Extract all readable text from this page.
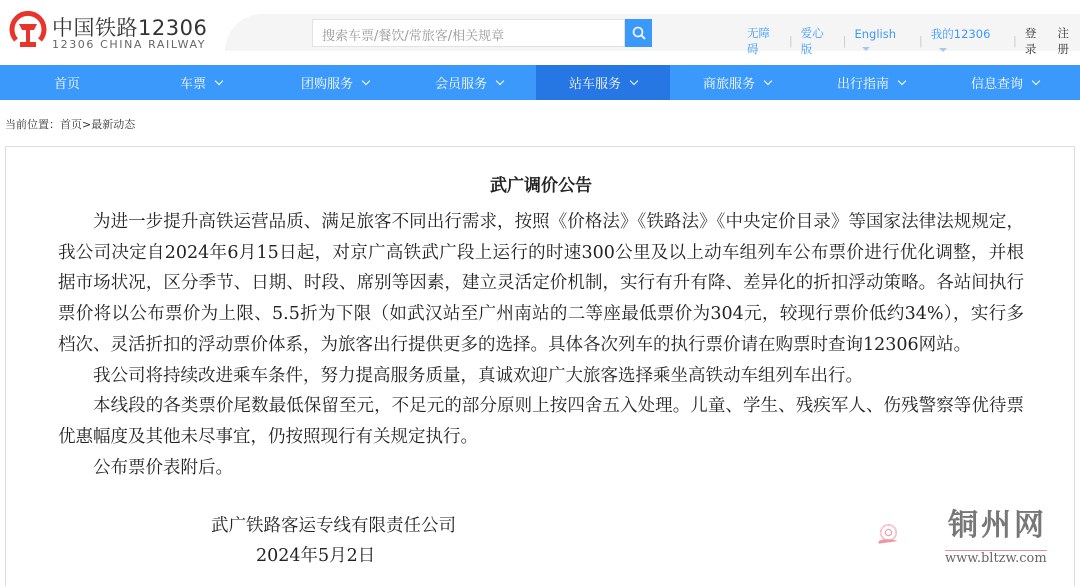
中国铁路12306
12306 CHINA RAILWAY
搜索车票/餐饮/常旅客/相关规章	无障碍
|
爱心版
| English	| 我的12306	|
登录
注册
首页	车票	团购服务	会员服务	站车服务	商旅服务	出行指南	信息查询
当前位置：首页>最新动态
武广调价公告

为进一步提升高铁运营品质、满足旅客不同出行需求，按照《价格法》《铁路法》《中央定价目录》等国家法律法规规定，我公司决定自2024年6月15日起，对京广高铁武广段上运行的时速300公里及以上动车组列车公布票价进行优化调整，并根据市场状况，区分季节、日期、时段、席别等因素，建立灵活定价机制，实行有升有降、差异化的折扣浮动策略。各站间执行票价将以公布票价为上限、5.5折为下限（如武汉站至广州南站的二等座最低票价为304元，较现行票价低约34%），实行多档次、灵活折扣的浮动票价体系，为旅客出行提供更多的选择。具体各次列车的执行票价请在购票时查询12306网站。

我公司将持续改进乘车条件，努力提高服务质量，真诚欢迎广大旅客选择乘坐高铁动车组列车出行。

本线段的各类票价尾数最低保留至元，不足元的部分原则上按四舍五入处理。儿童、学生、残疾军人、伤残警察等优待票优惠幅度及其他未尽事宜，仍按照现行有关规定执行。

公布票价表附后。

武广铁路客运专线有限责任公司
2024年5月2日
铜州网
www.bltzw.com
